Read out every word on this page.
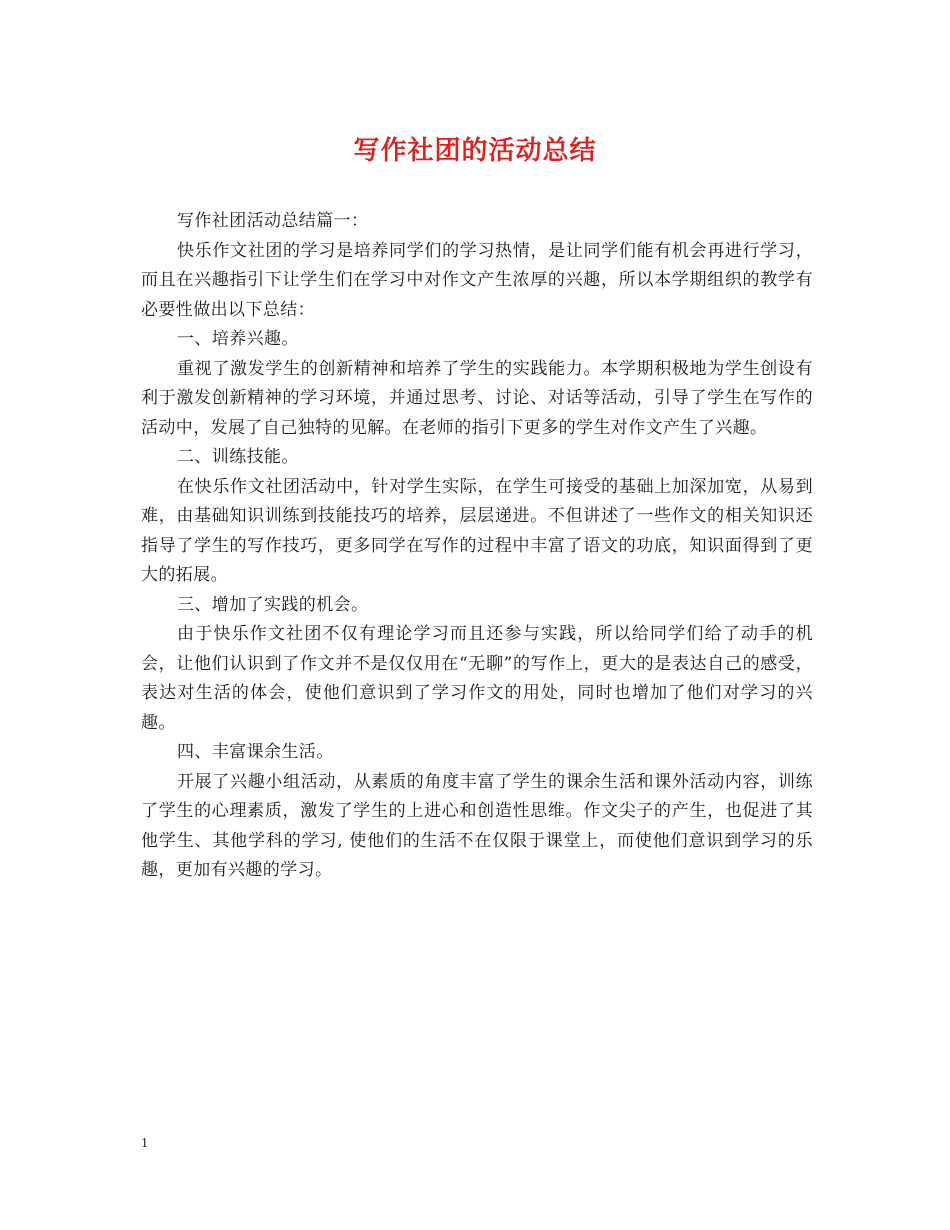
写作社团的活动总结

写作社团活动总结篇一：

快乐作文社团的学习是培养同学们的学习热情，是让同学们能有机会再进行学习，而且在兴趣指引下让学生们在学习中对作文产生浓厚的兴趣，所以本学期组织的教学有必要性做出以下总结：

一、培养兴趣。

重视了激发学生的创新精神和培养了学生的实践能力。本学期积极地为学生创设有利于激发创新精神的学习环境，并通过思考、讨论、对话等活动，引导了学生在写作的活动中，发展了自己独特的见解。在老师的指引下更多的学生对作文产生了兴趣。

二、训练技能。

在快乐作文社团活动中，针对学生实际，在学生可接受的基础上加深加宽，从易到难，由基础知识训练到技能技巧的培养，层层递进。不但讲述了一些作文的相关知识还指导了学生的写作技巧，更多同学在写作的过程中丰富了语文的功底，知识面得到了更大的拓展。

三、增加了实践的机会。

由于快乐作文社团不仅有理论学习而且还参与实践，所以给同学们给了动手的机会，让他们认识到了作文并不是仅仅用在“无聊”的写作上，更大的是表达自己的感受，表达对生活的体会，使他们意识到了学习作文的用处，同时也增加了他们对学习的兴趣。

四、丰富课余生活。

开展了兴趣小组活动，从素质的角度丰富了学生的课余生活和课外活动内容，训练了学生的心理素质，激发了学生的上进心和创造性思维。作文尖子的产生，也促进了其他学生、其他学科的学习, 使他们的生活不在仅限于课堂上，而使他们意识到学习的乐趣，更加有兴趣的学习。

1
